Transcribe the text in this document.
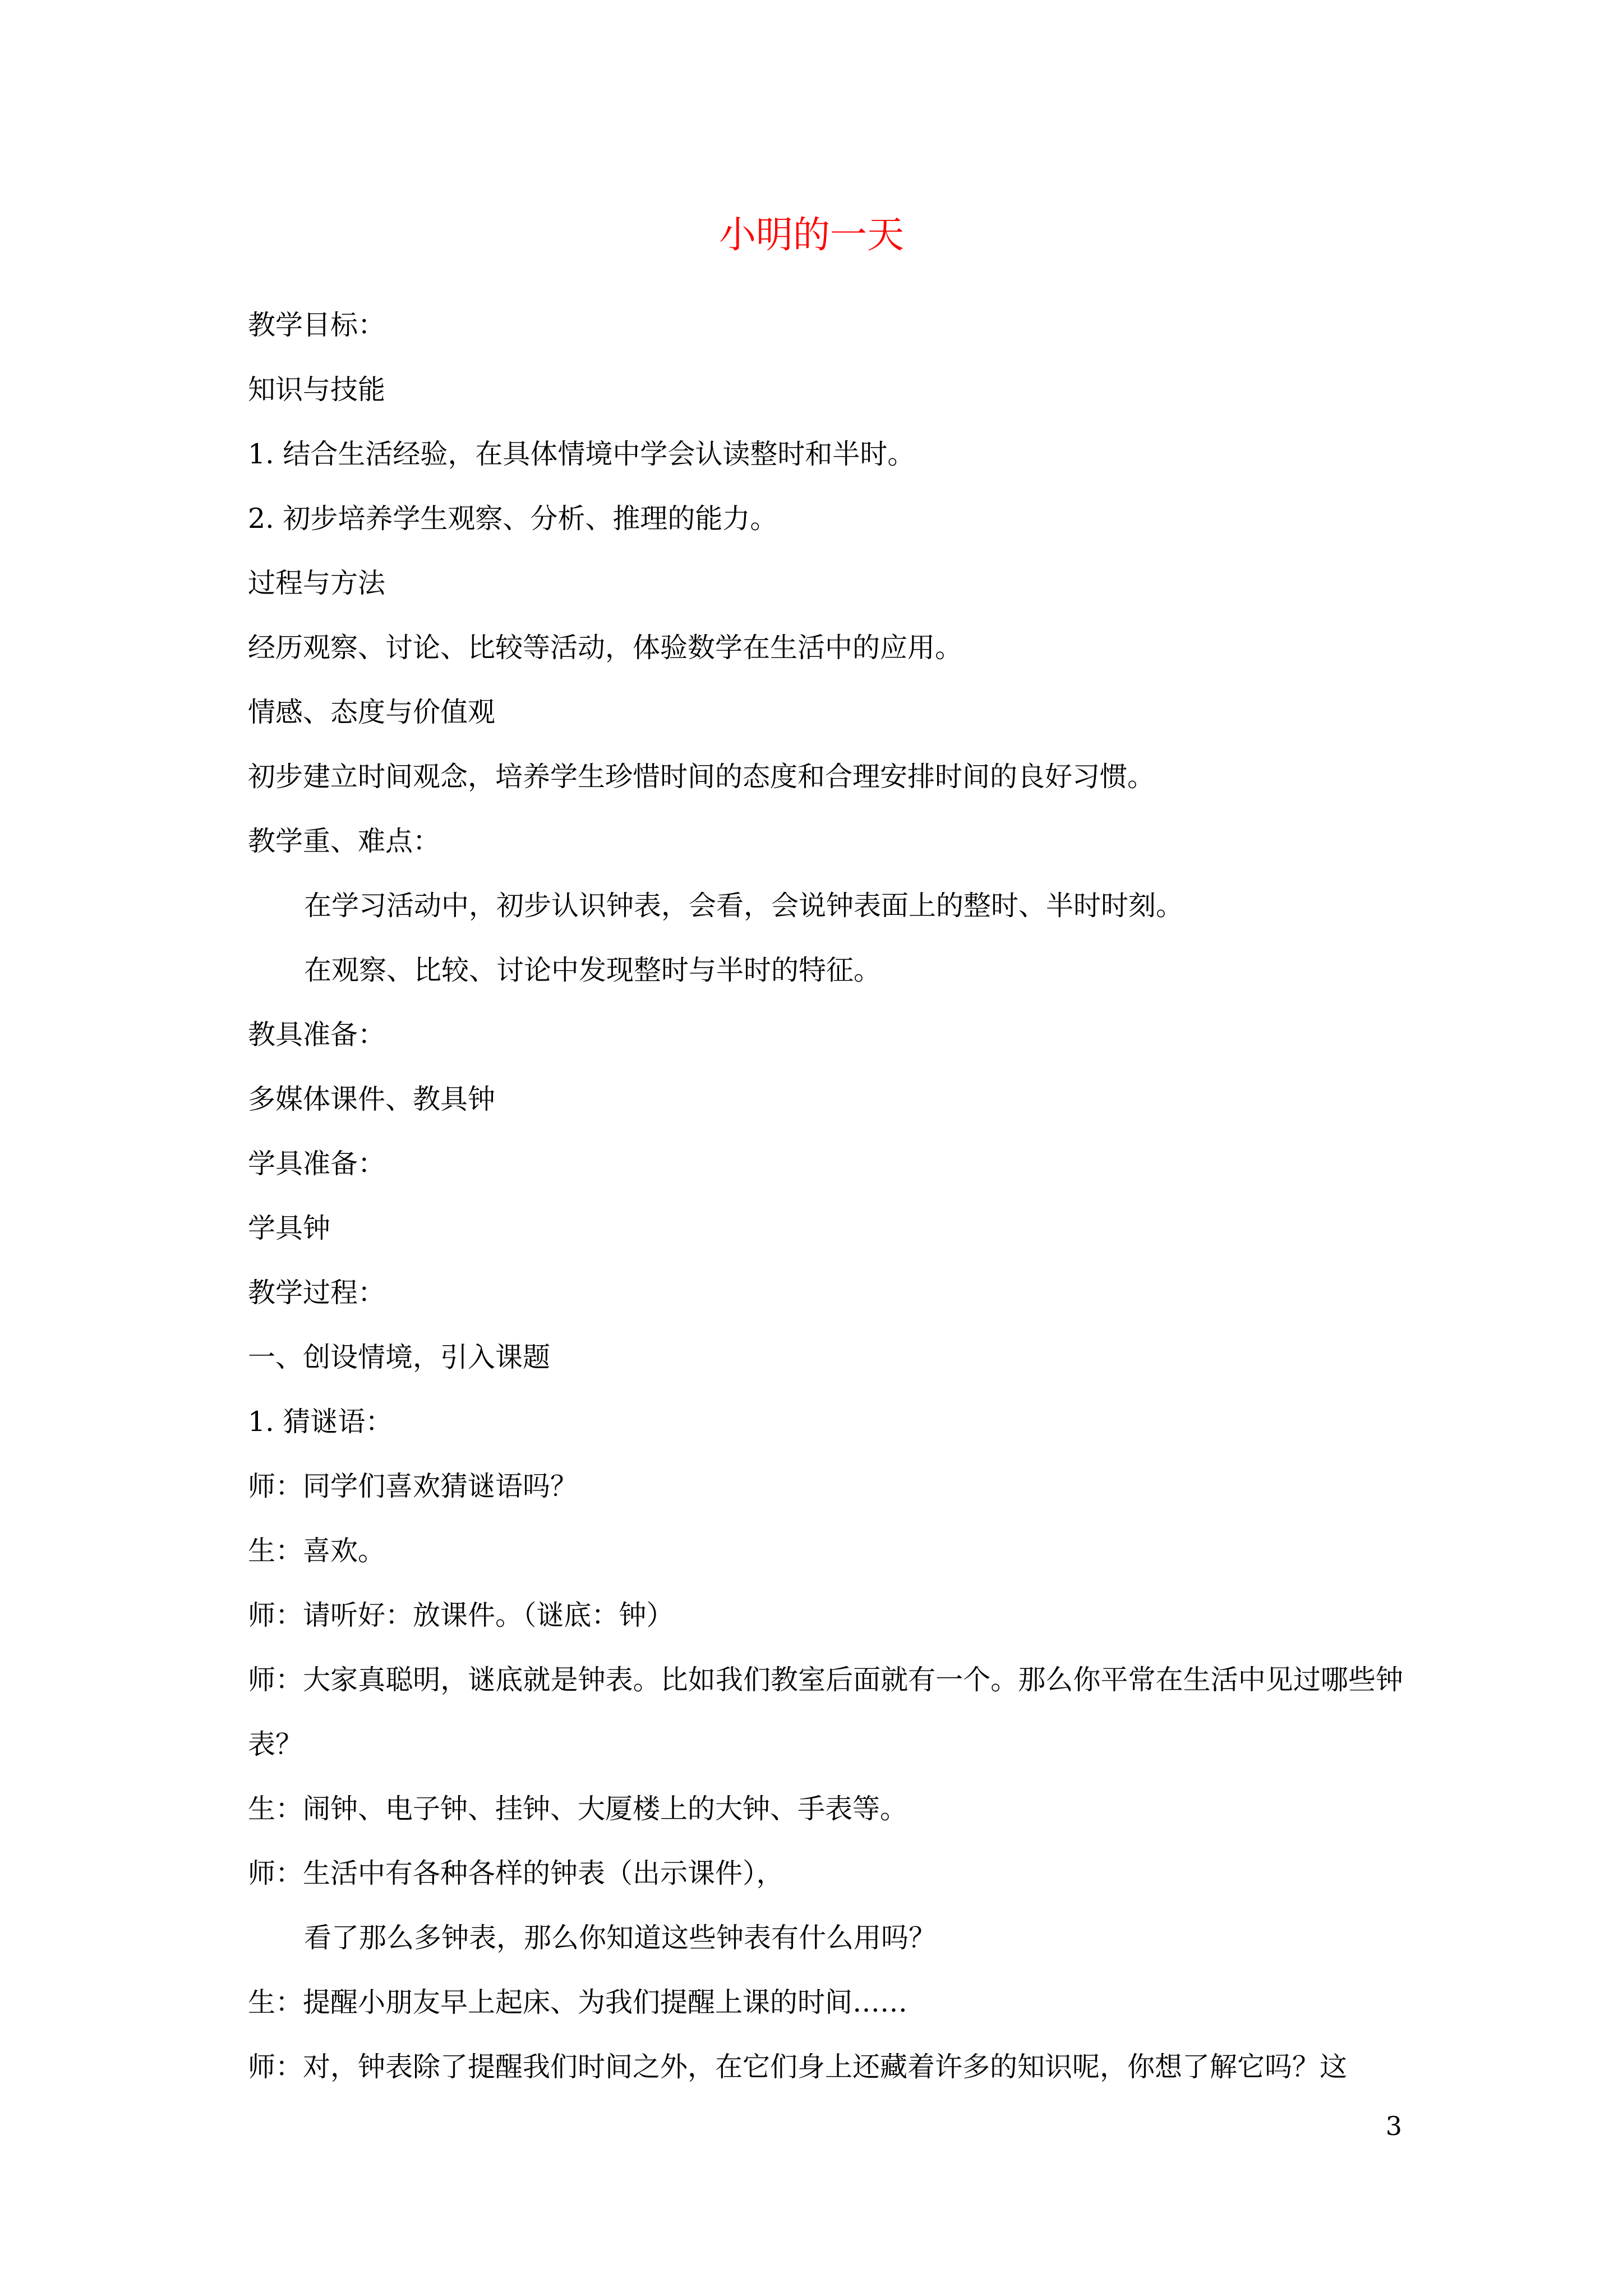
小明的一天

教学目标：

知识与技能

1. 结合生活经验，在具体情境中学会认读整时和半时。

2. 初步培养学生观察、分析、推理的能力。

过程与方法

经历观察、讨论、比较等活动，体验数学在生活中的应用。

情感、态度与价值观

初步建立时间观念，培养学生珍惜时间的态度和合理安排时间的良好习惯。

教学重、难点：

在学习活动中，初步认识钟表，会看，会说钟表面上的整时、半时时刻。

在观察、比较、讨论中发现整时与半时的特征。

教具准备：

多媒体课件、教具钟

学具准备：

学具钟

教学过程：

一、创设情境，引入课题

1. 猜谜语：

师：同学们喜欢猜谜语吗？

生：喜欢。

师：请听好：放课件。（谜底：钟）

师：大家真聪明，谜底就是钟表。比如我们教室后面就有一个。那么你平常在生活中见过哪些钟表？

生：闹钟、电子钟、挂钟、大厦楼上的大钟、手表等。

师：生活中有各种各样的钟表（出示课件），

看了那么多钟表，那么你知道这些钟表有什么用吗？

生：提醒小朋友早上起床、为我们提醒上课的时间……

师：对，钟表除了提醒我们时间之外，在它们身上还藏着许多的知识呢，你想了解它吗？这

3
